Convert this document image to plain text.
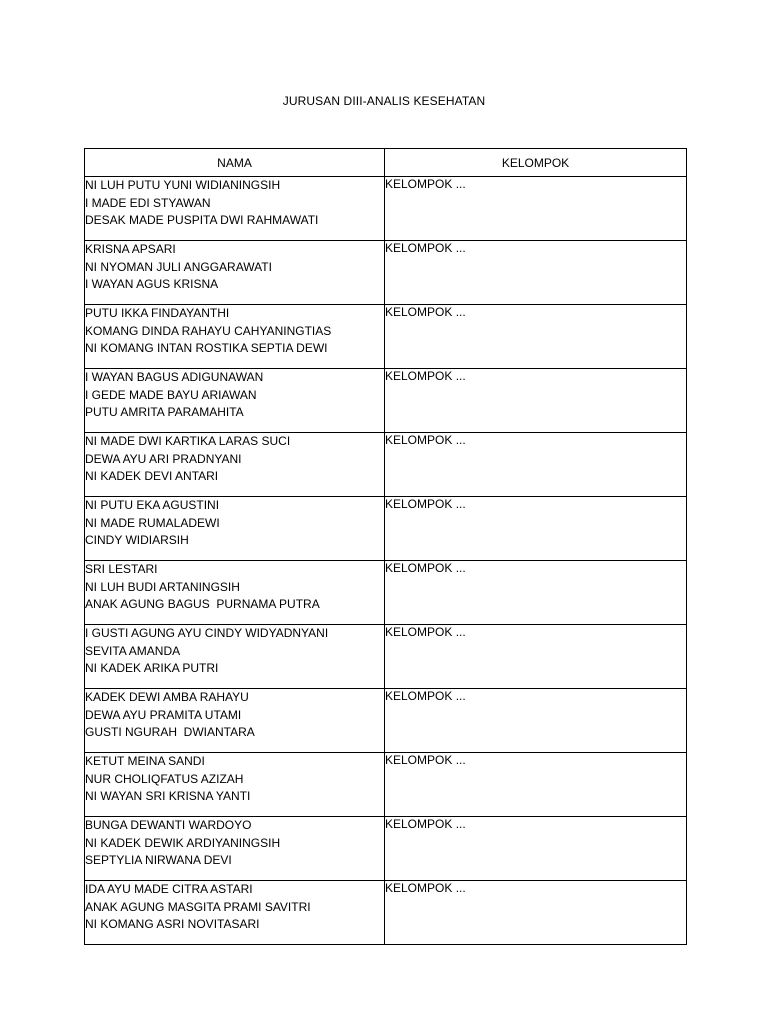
JURUSAN DIII-ANALIS KESEHATAN
NAMA	KELOMPOK

NI LUH PUTU YUNI WIDIANINGSIH
I MADE EDI STYAWAN
DESAK MADE PUSPITA DWI RAHMAWATI	KELOMPOK ...

KRISNA APSARI
NI NYOMAN JULI ANGGARAWATI
I WAYAN AGUS KRISNA	KELOMPOK ...

PUTU IKKA FINDAYANTHI
KOMANG DINDA RAHAYU CAHYANINGTIAS
NI KOMANG INTAN ROSTIKA SEPTIA DEWI	KELOMPOK ...

I WAYAN BAGUS ADIGUNAWAN
I GEDE MADE BAYU ARIAWAN
PUTU AMRITA PARAMAHITA	KELOMPOK ...

NI MADE DWI KARTIKA LARAS SUCI
DEWA AYU ARI PRADNYANI
NI KADEK DEVI ANTARI	KELOMPOK ...

NI PUTU EKA AGUSTINI
NI MADE RUMALADEWI
CINDY WIDIARSIH	KELOMPOK ...

SRI LESTARI
NI LUH BUDI ARTANINGSIH
ANAK AGUNG BAGUS  PURNAMA PUTRA	KELOMPOK ...

I GUSTI AGUNG AYU CINDY WIDYADNYANI
SEVITA AMANDA
NI KADEK ARIKA PUTRI	KELOMPOK ...

KADEK DEWI AMBA RAHAYU
DEWA AYU PRAMITA UTAMI
GUSTI NGURAH  DWIANTARA	KELOMPOK ...

KETUT MEINA SANDI
NUR CHOLIQFATUS AZIZAH
NI WAYAN SRI KRISNA YANTI	KELOMPOK ...

BUNGA DEWANTI WARDOYO
NI KADEK DEWIK ARDIYANINGSIH
SEPTYLIA NIRWANA DEVI	KELOMPOK ...

IDA AYU MADE CITRA ASTARI
ANAK AGUNG MASGITA PRAMI SAVITRI
NI KOMANG ASRI NOVITASARI	KELOMPOK ...
